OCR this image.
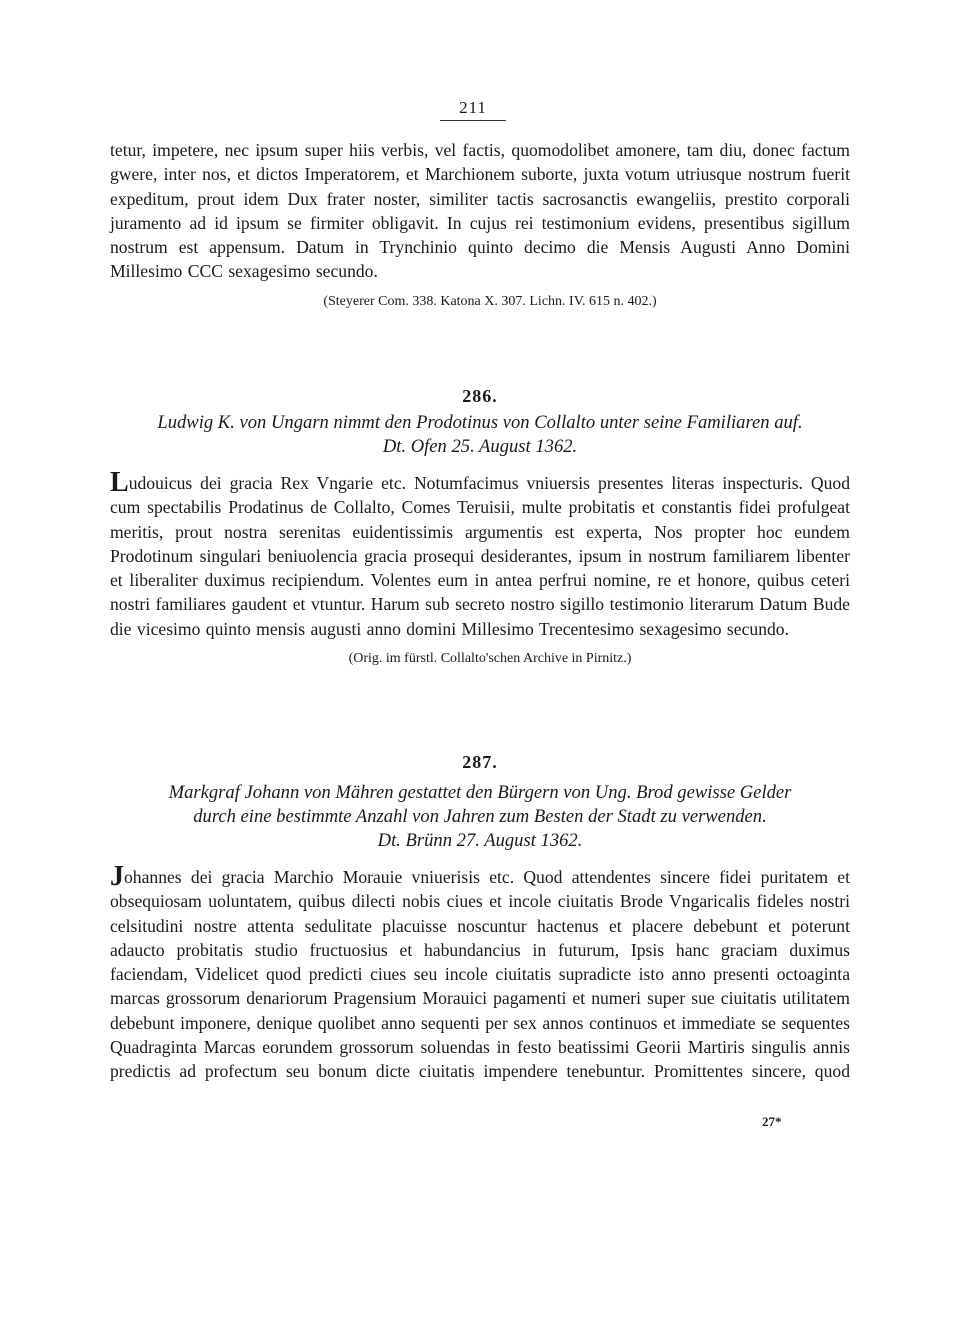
211

tetur, impetere, nec ipsum super hiis verbis, vel factis, quomodolibet amonere, tam diu, donec factum gwere, inter nos, et dictos Imperatorem, et Marchionem suborte, juxta votum utriusque nostrum fuerit expeditum, prout idem Dux frater noster, similiter tactis sacrosanctis ewangeliis, prestito corporali juramento ad id ipsum se firmiter obligavit. In cujus rei testimonium evidens, presentibus sigillum nostrum est appensum. Datum in Trynchinio quinto decimo die Mensis Augusti Anno Domini Millesimo CCC sexagesimo secundo.

(Steyerer Com. 338. Katona X. 307. Lichn. IV. 615 n. 402.)

286.

Ludwig K. von Ungarn nimmt den Prodotinus von Collalto unter seine Familiaren auf.

Dt. Ofen 25. August 1362.

Ludouicus dei gracia Rex Vngarie etc. Notumfacimus vniuersis presentes literas inspecturis. Quod cum spectabilis Prodatinus de Collalto, Comes Teruisii, multe probitatis et constantis fidei profulgeat meritis, prout nostra serenitas euidentissimis argumentis est experta, Nos propter hoc eundem Prodotinum singulari beniuolencia gracia prosequi desiderantes, ipsum in nostrum familiarem libenter et liberaliter duximus recipiendum. Volentes eum in antea perfrui nomine, re et honore, quibus ceteri nostri familiares gaudent et vtuntur. Harum sub secreto nostro sigillo testimonio literarum Datum Bude die vicesimo quinto mensis augusti anno domini Millesimo Trecentesimo sexagesimo secundo.

(Orig. im fürstl. Collalto'schen Archive in Pirnitz.)

287.

Markgraf Johann von Mähren gestattet den Bürgern von Ung. Brod gewisse Gelder

durch eine bestimmte Anzahl von Jahren zum Besten der Stadt zu verwenden.

Dt. Brünn 27. August 1362.

Johannes dei gracia Marchio Morauie vniuerisis etc. Quod attendentes sincere fidei puritatem et obsequiosam uoluntatem, quibus dilecti nobis ciues et incole ciuitatis Brode Vngaricalis fideles nostri celsitudini nostre attenta sedulitate placuisse noscuntur hactenus et placere debebunt et poterunt adaucto probitatis studio fructuosius et habundancius in futurum, Ipsis hanc graciam duximus faciendam, Videlicet quod predicti ciues seu incole ciuitatis supradicte isto anno presenti octoaginta marcas grossorum denariorum Pragensium Morauici pagamenti et numeri super sue ciuitatis utilitatem debebunt imponere, denique quolibet anno sequenti per sex annos continuos et immediate se sequentes Quadraginta Marcas eorundem grossorum soluendas in festo beatissimi Georii Martiris singulis annis predictis ad profectum seu bonum dicte ciuitatis impendere tenebuntur. Promittentes sincere, quod

27*
